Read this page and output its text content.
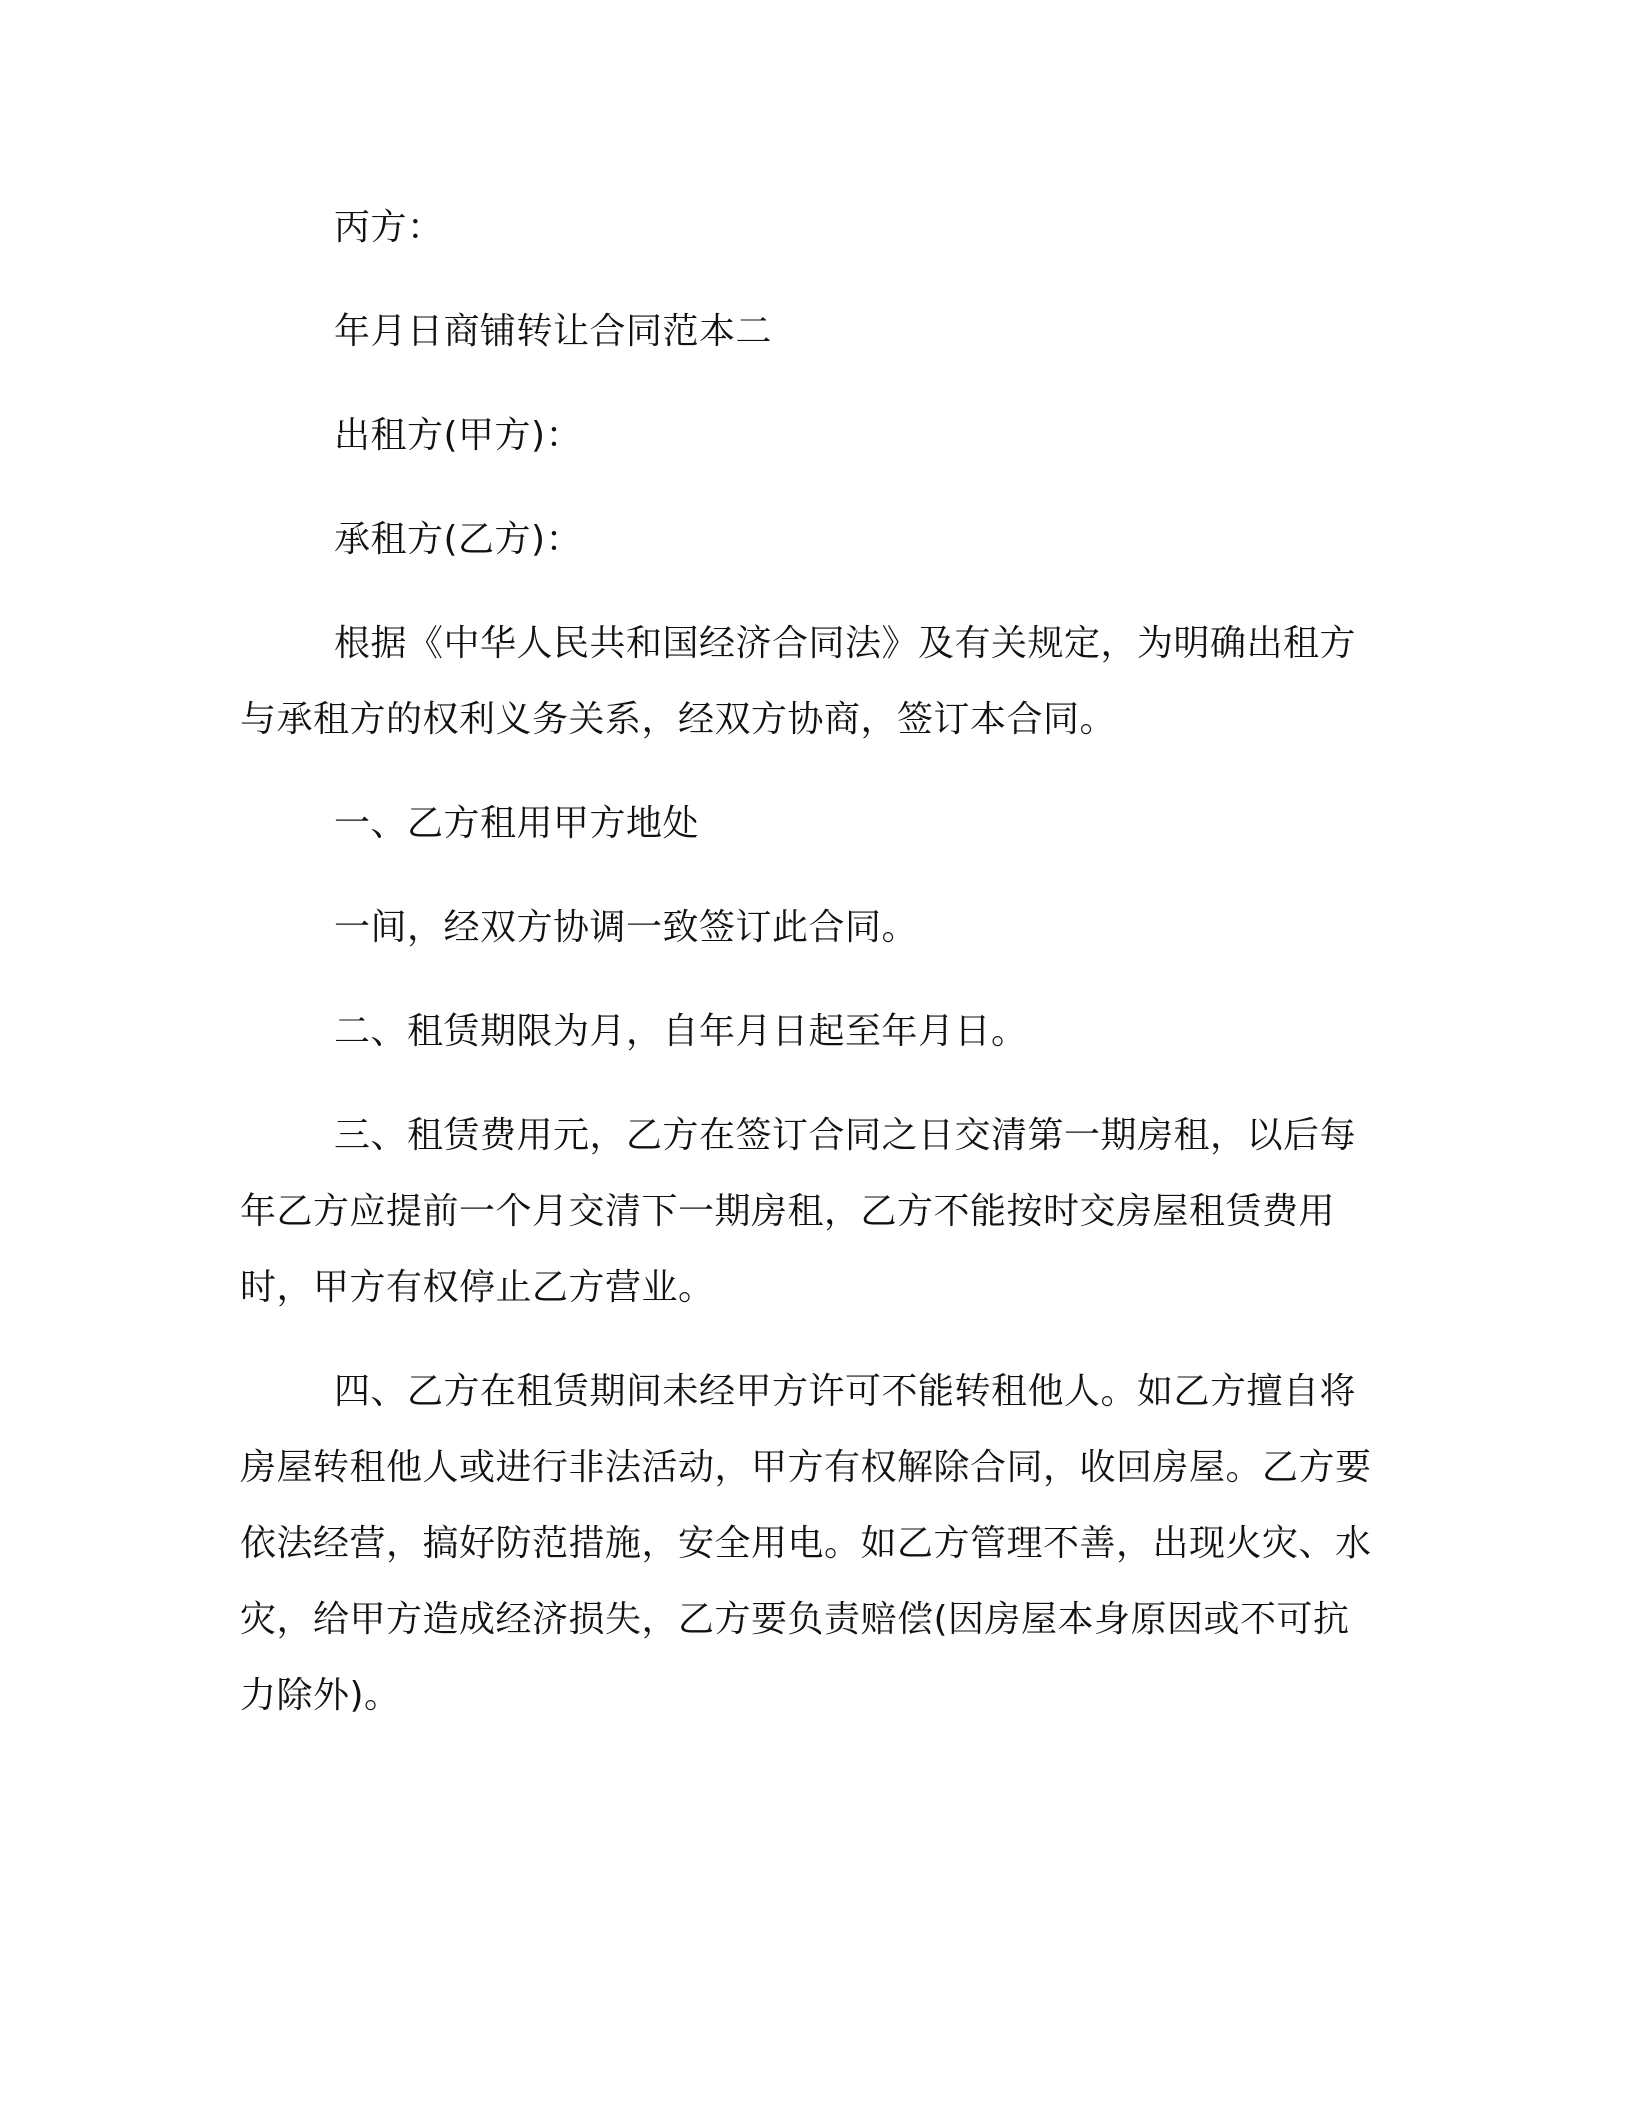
丙方：

年月日商铺转让合同范本二

出租方(甲方)：

承租方(乙方)：

根据《中华人民共和国经济合同法》及有关规定，为明确出租方与承租方的权利义务关系，经双方协商，签订本合同。

一、乙方租用甲方地处

一间，经双方协调一致签订此合同。

二、租赁期限为月，自年月日起至年月日。

三、租赁费用元，乙方在签订合同之日交清第一期房租，以后每年乙方应提前一个月交清下一期房租，乙方不能按时交房屋租赁费用时，甲方有权停止乙方营业。

四、乙方在租赁期间未经甲方许可不能转租他人。如乙方擅自将房屋转租他人或进行非法活动，甲方有权解除合同，收回房屋。乙方要依法经营，搞好防范措施，安全用电。如乙方管理不善，出现火灾、水灾，给甲方造成经济损失，乙方要负责赔偿(因房屋本身原因或不可抗力除外)。
